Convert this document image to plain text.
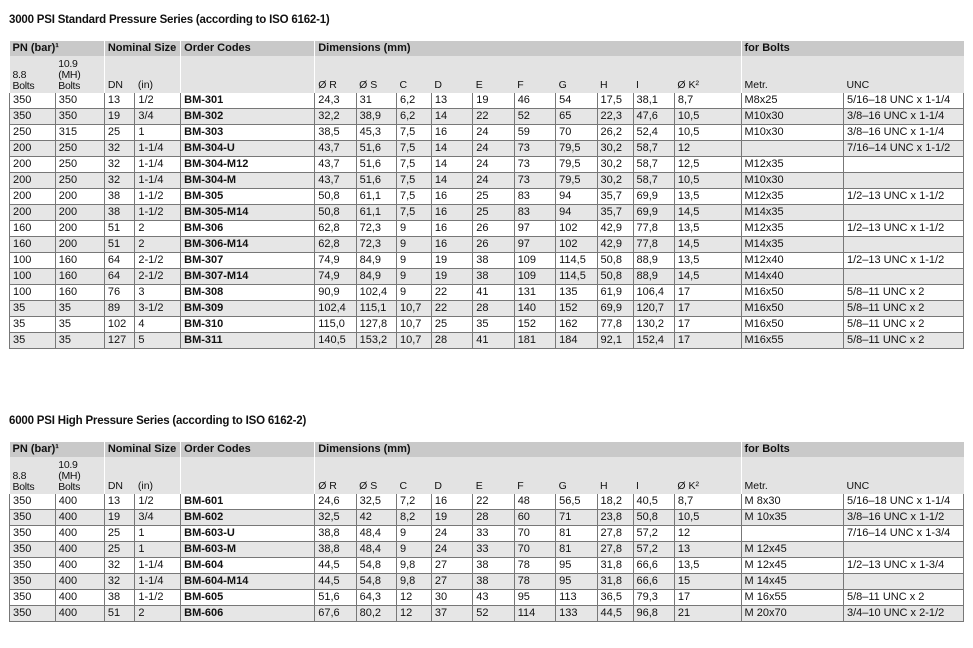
3000 PSI Standard Pressure Series (according to ISO 6162-1)
PN (bar)¹		Nominal Size		Order Codes	Dimensions (mm)										for Bolts	
8.8
Bolts	10.9 (MH)
Bolts	DN	(in)		Ø R	Ø S	C	D	E	F	G	H	I	Ø K²	Metr.	UNC
350	350	13	1/2	BM-301	24,3	31	6,2	13	19	46	54	17,5	38,1	8,7	M8x25	5/16–18 UNC x 1-1/4
350	350	19	3/4	BM-302	32,2	38,9	6,2	14	22	52	65	22,3	47,6	10,5	M10x30	3/8–16 UNC x 1-1/4
250	315	25	1	BM-303	38,5	45,3	7,5	16	24	59	70	26,2	52,4	10,5	M10x30	3/8–16 UNC x 1-1/4
200	250	32	1-1/4	BM-304-U	43,7	51,6	7,5	14	24	73	79,5	30,2	58,7	12		7/16–14 UNC x 1-1/2
200	250	32	1-1/4	BM-304-M12	43,7	51,6	7,5	14	24	73	79,5	30,2	58,7	12,5	M12x35	
200	250	32	1-1/4	BM-304-M	43,7	51,6	7,5	14	24	73	79,5	30,2	58,7	10,5	M10x30	
200	200	38	1-1/2	BM-305	50,8	61,1	7,5	16	25	83	94	35,7	69,9	13,5	M12x35	1/2–13 UNC x 1-1/2
200	200	38	1-1/2	BM-305-M14	50,8	61,1	7,5	16	25	83	94	35,7	69,9	14,5	M14x35	
160	200	51	2	BM-306	62,8	72,3	9	16	26	97	102	42,9	77,8	13,5	M12x35	1/2–13 UNC x 1-1/2
160	200	51	2	BM-306-M14	62,8	72,3	9	16	26	97	102	42,9	77,8	14,5	M14x35	
100	160	64	2-1/2	BM-307	74,9	84,9	9	19	38	109	114,5	50,8	88,9	13,5	M12x40	1/2–13 UNC x 1-1/2
100	160	64	2-1/2	BM-307-M14	74,9	84,9	9	19	38	109	114,5	50,8	88,9	14,5	M14x40	
100	160	76	3	BM-308	90,9	102,4	9	22	41	131	135	61,9	106,4	17	M16x50	5/8–11 UNC x 2
35	35	89	3-1/2	BM-309	102,4	115,1	10,7	22	28	140	152	69,9	120,7	17	M16x50	5/8–11 UNC x 2
35	35	102	4	BM-310	115,0	127,8	10,7	25	35	152	162	77,8	130,2	17	M16x50	5/8–11 UNC x 2
35	35	127	5	BM-311	140,5	153,2	10,7	28	41	181	184	92,1	152,4	17	M16x55	5/8–11 UNC x 2
6000 PSI High Pressure Series (according to ISO 6162-2)
PN (bar)¹		Nominal Size		Order Codes	Dimensions (mm)										for Bolts	
8.8
Bolts	10.9 (MH)
Bolts	DN	(in)		Ø R	Ø S	C	D	E	F	G	H	I	Ø K²	Metr.	UNC
350	400	13	1/2	BM-601	24,6	32,5	7,2	16	22	48	56,5	18,2	40,5	8,7	M 8x30	5/16–18 UNC x 1-1/4
350	400	19	3/4	BM-602	32,5	42	8,2	19	28	60	71	23,8	50,8	10,5	M 10x35	3/8–16 UNC x 1-1/2
350	400	25	1	BM-603-U	38,8	48,4	9	24	33	70	81	27,8	57,2	12		7/16–14 UNC x 1-3/4
350	400	25	1	BM-603-M	38,8	48,4	9	24	33	70	81	27,8	57,2	13	M 12x45	
350	400	32	1-1/4	BM-604	44,5	54,8	9,8	27	38	78	95	31,8	66,6	13,5	M 12x45	1/2–13 UNC x 1-3/4
350	400	32	1-1/4	BM-604-M14	44,5	54,8	9,8	27	38	78	95	31,8	66,6	15	M 14x45	
350	400	38	1-1/2	BM-605	51,6	64,3	12	30	43	95	113	36,5	79,3	17	M 16x55	5/8–11 UNC x 2
350	400	51	2	BM-606	67,6	80,2	12	37	52	114	133	44,5	96,8	21	M 20x70	3/4–10 UNC x 2-1/2
